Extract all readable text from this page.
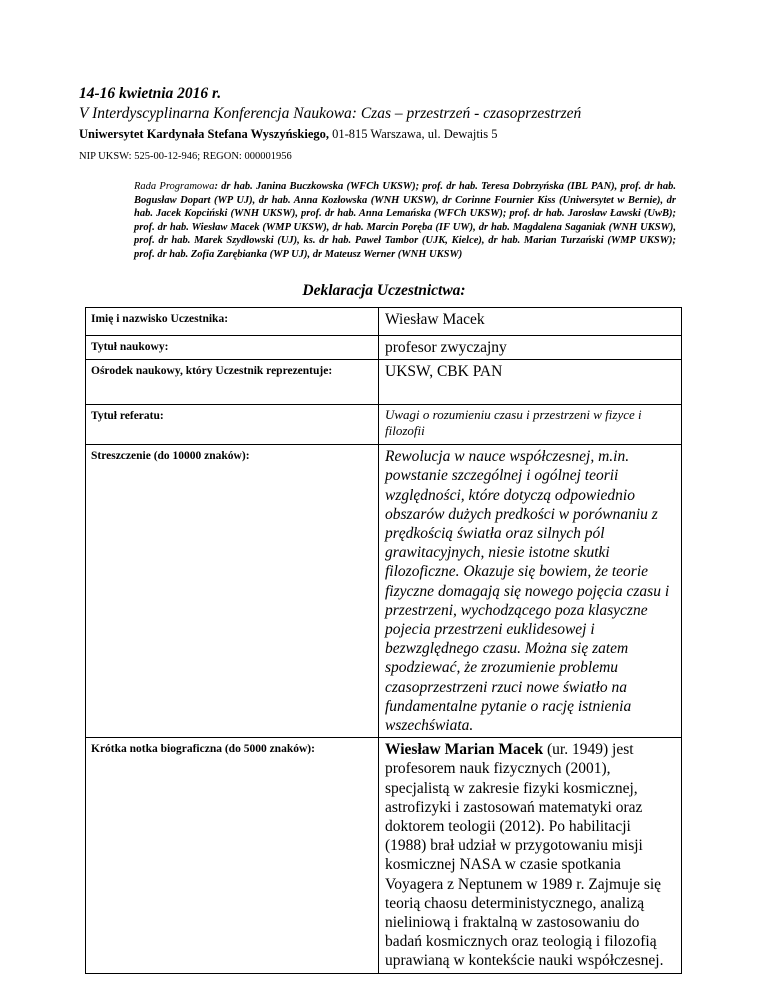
14-16 kwietnia 2016 r.
V Interdyscyplinarna Konferencja Naukowa: Czas – przestrzeń - czasoprzestrzeń
Uniwersytet Kardynała Stefana Wyszyńskiego, 01-815 Warszawa, ul. Dewajtis 5
NIP UKSW: 525-00-12-946; REGON: 000001956
Rada Programowa: dr hab. Janina Buczkowska (WFCh UKSW); prof. dr hab. Teresa Dobrzyńska (IBL PAN), prof. dr hab. Bogusław Dopart (WP UJ), dr hab. Anna Kozłowska (WNH UKSW), dr Corinne Fournier Kiss (Uniwersytet w Bernie), dr hab. Jacek Kopciński (WNH UKSW), prof. dr hab. Anna Lemańska (WFCh UKSW); prof. dr hab. Jarosław Ławski (UwB); prof. dr hab. Wiesław Macek (WMP UKSW), dr hab. Marcin Poręba (IF UW), dr hab. Magdalena Saganiak (WNH UKSW), prof. dr hab. Marek Szydłowski (UJ), ks. dr hab. Paweł Tambor (UJK, Kielce), dr hab. Marian Turzański (WMP UKSW); prof. dr hab. Zofia Zarębianka (WP UJ), dr Mateusz Werner (WNH UKSW)
Deklaracja Uczestnictwa:
Imię i nazwisko Uczestnika:	Wiesław Macek
Tytuł naukowy:	profesor zwyczajny
Ośrodek naukowy, który Uczestnik reprezentuje:	UKSW, CBK PAN
Tytuł referatu:	Uwagi o rozumieniu czasu i przestrzeni w fizyce i filozofii

Streszczenie (do 10000 znaków):	Rewolucja w nauce współczesnej, m.in. powstanie szczególnej i ogólnej teorii względności, które dotyczą odpowiednio obszarów dużych predkości w porównaniu z prędkością światła oraz silnych pól grawitacyjnych, niesie istotne skutki filozoficzne. Okazuje się bowiem, że teorie fizyczne domagają się nowego pojęcia czasu i przestrzeni, wychodzącego poza klasyczne pojecia przestrzeni euklidesowej i bezwzględnego czasu. Można się zatem spodziewać, że zrozumienie problemu czasoprzestrzeni rzuci nowe światło na fundamentalne pytanie o rację istnienia wszechświata.
Krótka notka biograficzna (do 5000 znaków):	Wiesław Marian Macek (ur. 1949) jest profesorem nauk fizycznych (2001), specjalistą w zakresie fizyki kosmicznej, astrofizyki i zastosowań matematyki oraz doktorem teologii (2012). Po habilitacji (1988) brał udział w przygotowaniu misji kosmicznej NASA w czasie spotkania Voyagera z Neptunem w 1989 r. Zajmuje się teorią chaosu deterministycznego, analizą nieliniową i fraktalną w zastosowaniu do badań kosmicznych oraz teologią i filozofią uprawianą w kontekście nauki współczesnej.
